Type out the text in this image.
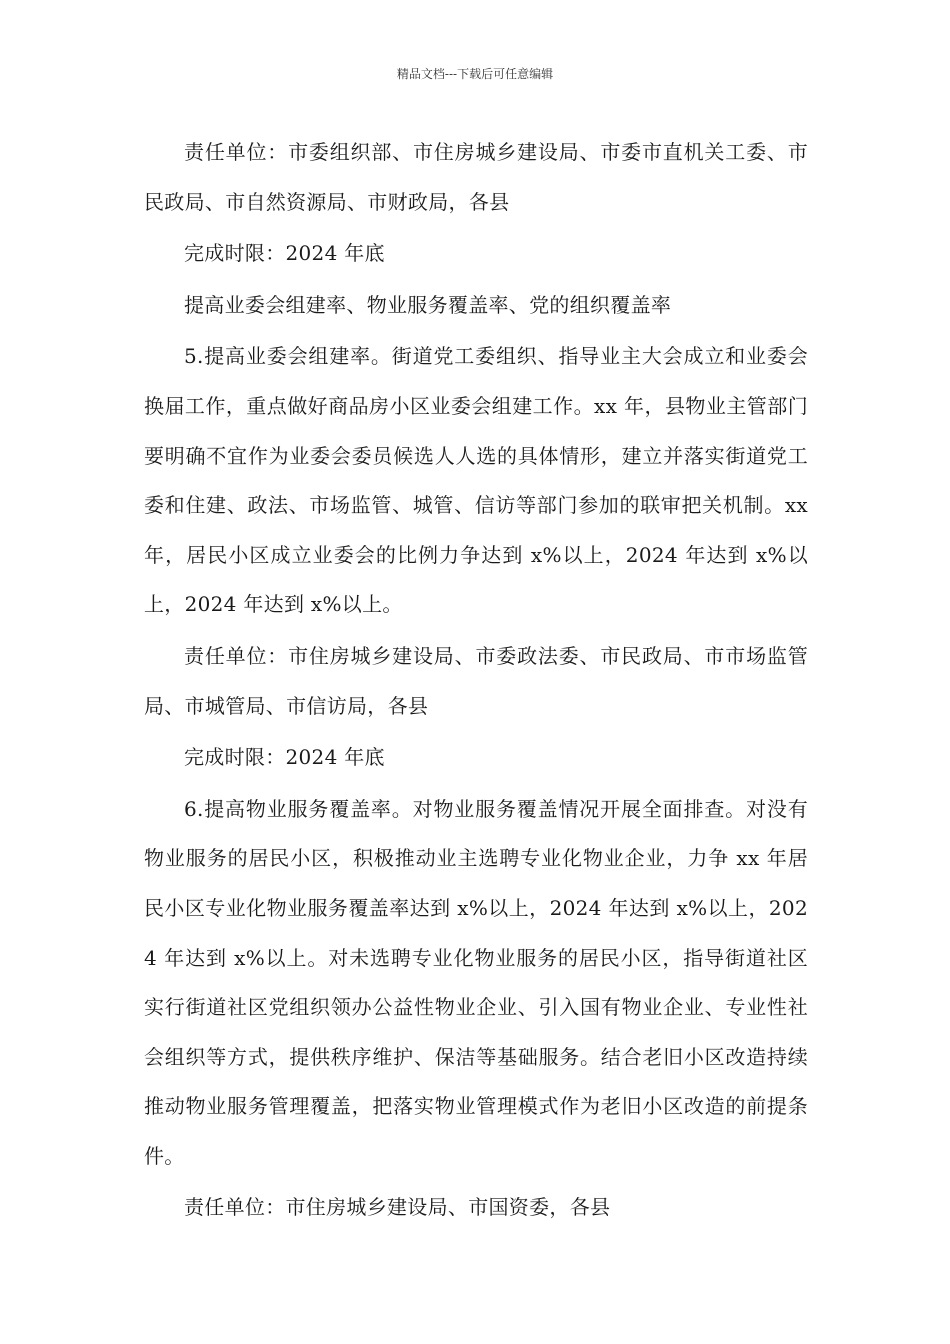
精品文档---下载后可任意编辑

责任单位：市委组织部、市住房城乡建设局、市委市直机关工委、市民政局、市自然资源局、市财政局，各县

完成时限：2024 年底

提高业委会组建率、物业服务覆盖率、党的组织覆盖率

5.提高业委会组建率。街道党工委组织、指导业主大会成立和业委会换届工作，重点做好商品房小区业委会组建工作。xx 年，县物业主管部门要明确不宜作为业委会委员候选人人选的具体情形，建立并落实街道党工委和住建、政法、市场监管、城管、信访等部门参加的联审把关机制。xx 年，居民小区成立业委会的比例力争达到 x%以上，2024 年达到 x%以上，2024 年达到 x%以上。

责任单位：市住房城乡建设局、市委政法委、市民政局、市市场监管局、市城管局、市信访局，各县

完成时限：2024 年底

6.提高物业服务覆盖率。对物业服务覆盖情况开展全面排查。对没有物业服务的居民小区，积极推动业主选聘专业化物业企业，力争 xx 年居民小区专业化物业服务覆盖率达到 x%以上，2024 年达到 x%以上，2024 年达到 x%以上。对未选聘专业化物业服务的居民小区，指导街道社区实行街道社区党组织领办公益性物业企业、引入国有物业企业、专业性社会组织等方式，提供秩序维护、保洁等基础服务。结合老旧小区改造持续推动物业服务管理覆盖，把落实物业管理模式作为老旧小区改造的前提条件。

责任单位：市住房城乡建设局、市国资委，各县
